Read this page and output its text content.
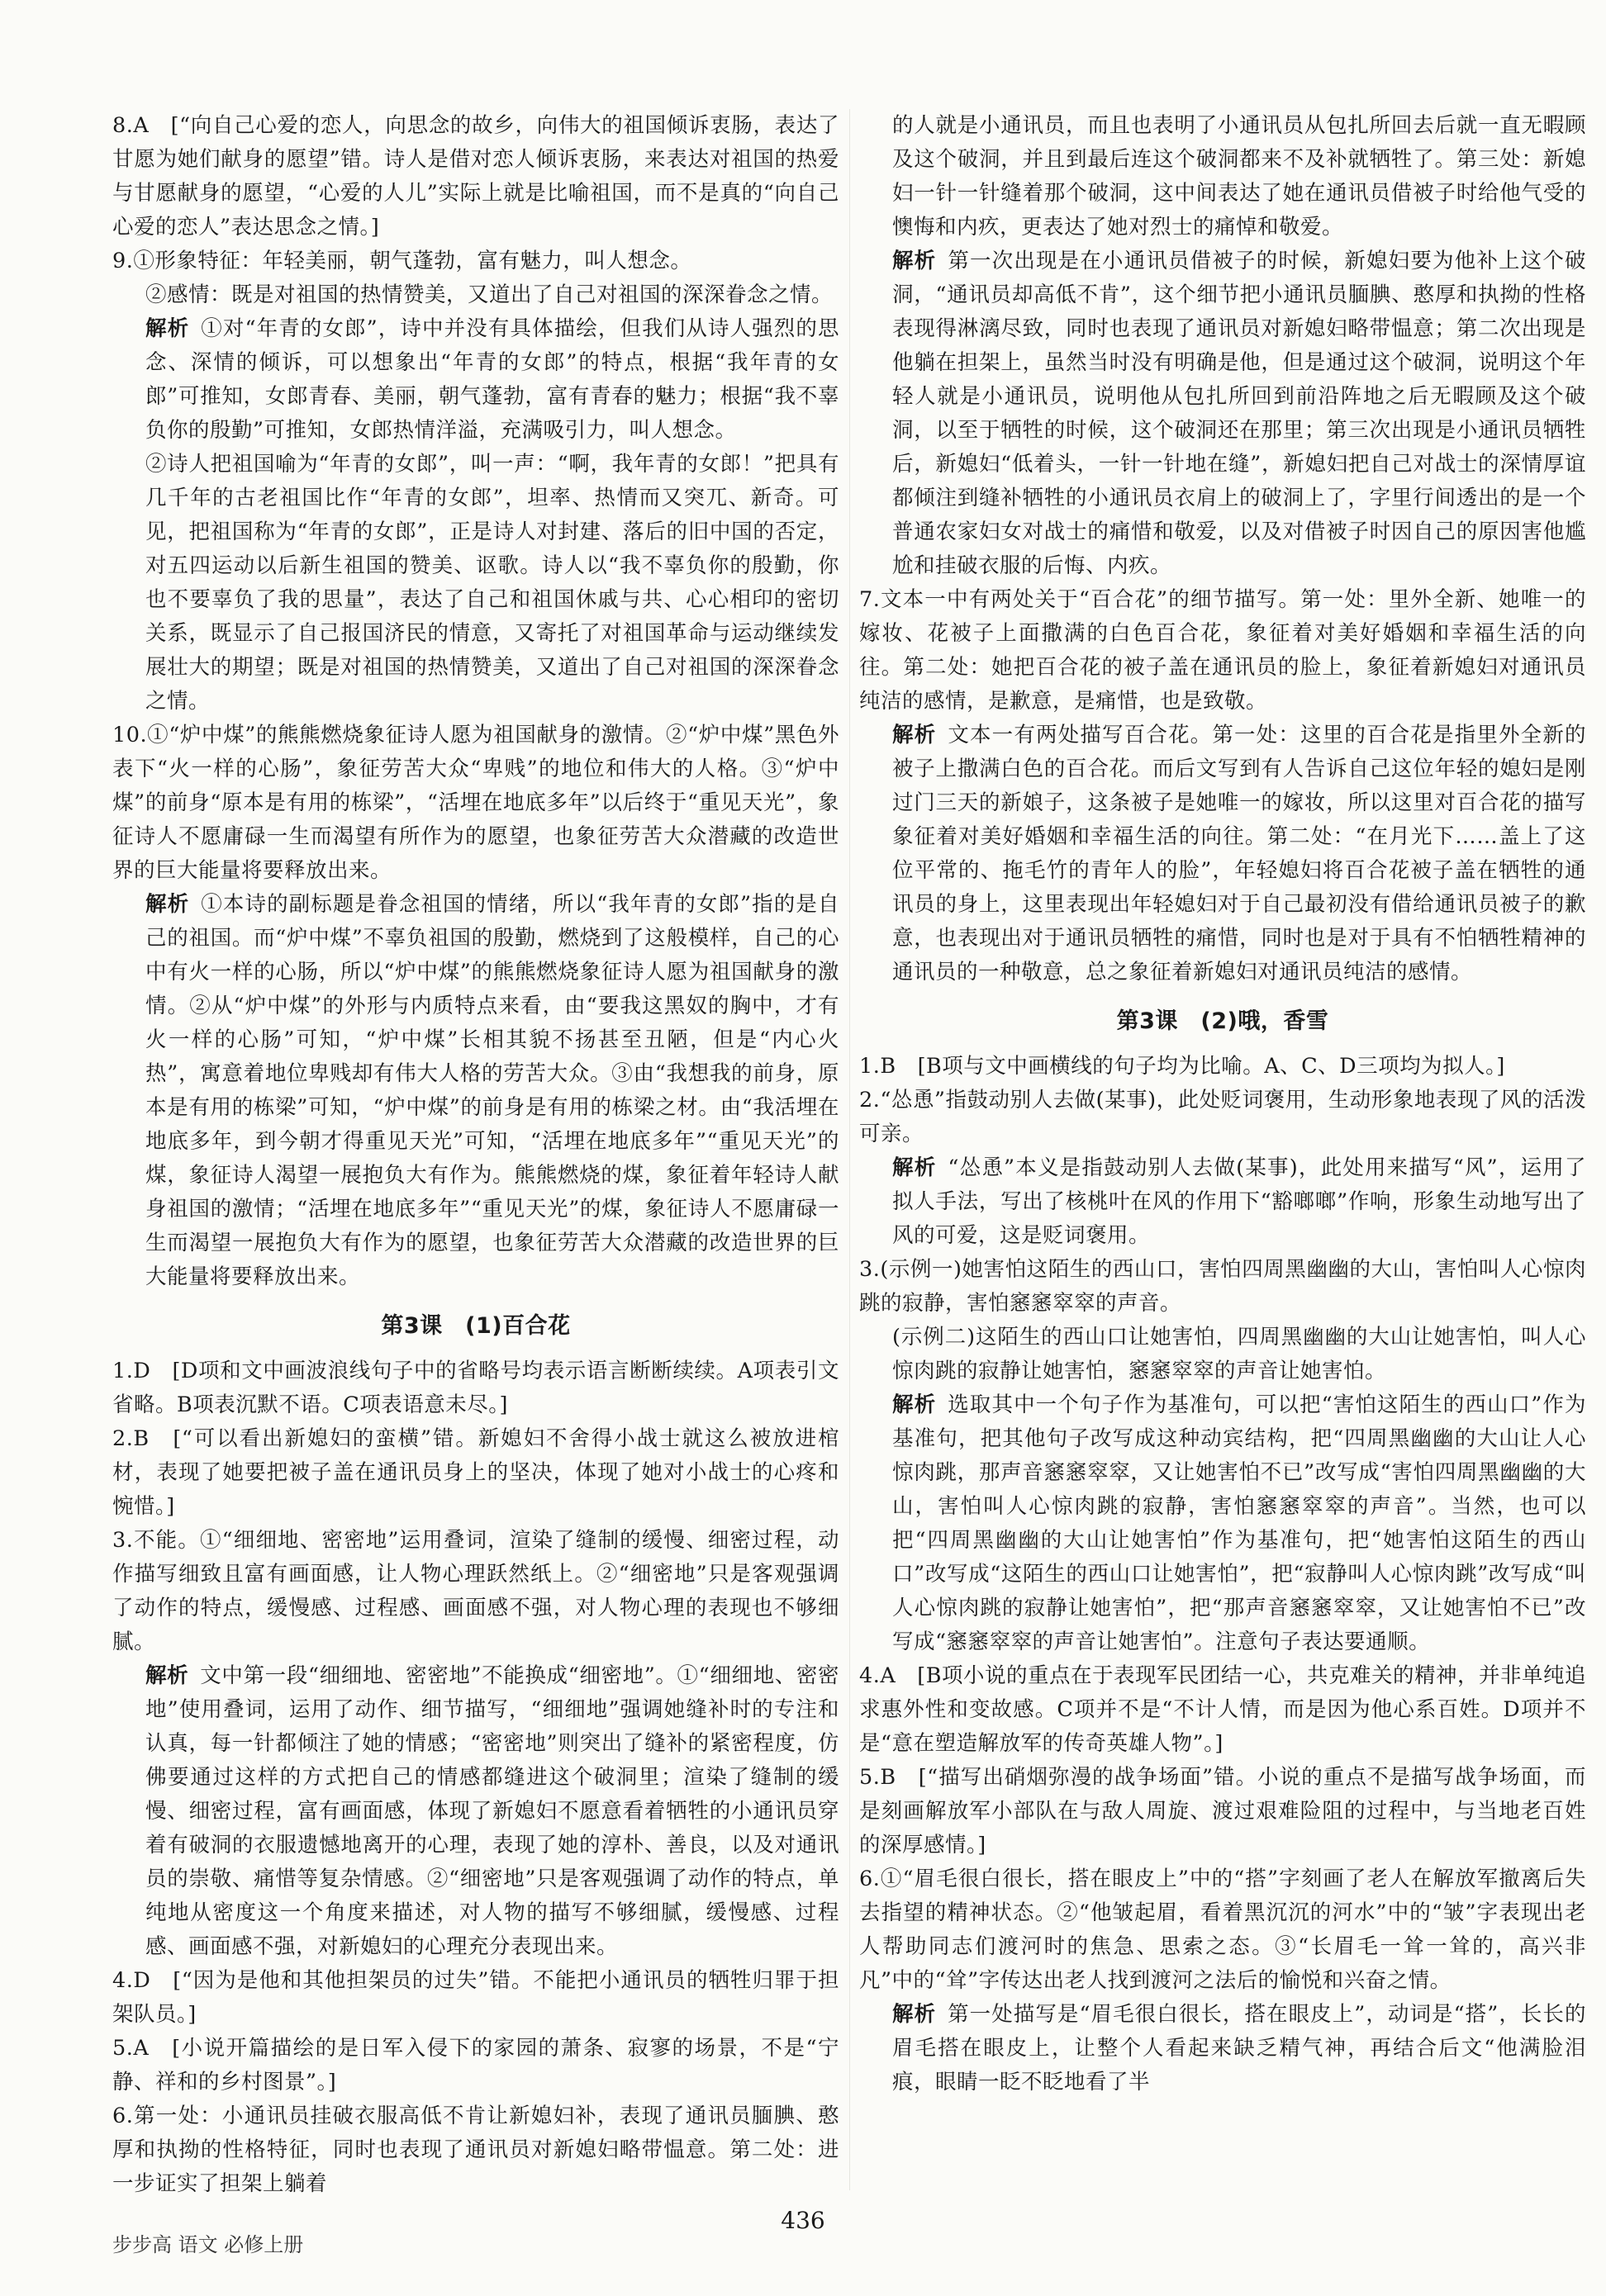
8.A　[“向自己心爱的恋人，向思念的故乡，向伟大的祖国倾诉衷肠，表达了甘愿为她们献身的愿望”错。诗人是借对恋人倾诉衷肠，来表达对祖国的热爱与甘愿献身的愿望，“心爱的人儿”实际上就是比喻祖国，而不是真的“向自己心爱的恋人”表达思念之情。]

9.①形象特征：年轻美丽，朝气蓬勃，富有魅力，叫人想念。

②感情：既是对祖国的热情赞美，又道出了自己对祖国的深深眷念之情。

解析 ①对“年青的女郎”，诗中并没有具体描绘，但我们从诗人强烈的思念、深情的倾诉，可以想象出“年青的女郎”的特点，根据“我年青的女郎”可推知，女郎青春、美丽，朝气蓬勃，富有青春的魅力；根据“我不辜负你的殷勤”可推知，女郎热情洋溢，充满吸引力，叫人想念。

②诗人把祖国喻为“年青的女郎”，叫一声：“啊，我年青的女郎！”把具有几千年的古老祖国比作“年青的女郎”，坦率、热情而又突兀、新奇。可见，把祖国称为“年青的女郎”，正是诗人对封建、落后的旧中国的否定，对五四运动以后新生祖国的赞美、讴歌。诗人以“我不辜负你的殷勤，你也不要辜负了我的思量”，表达了自己和祖国休戚与共、心心相印的密切关系，既显示了自己报国济民的情意，又寄托了对祖国革命与运动继续发展壮大的期望；既是对祖国的热情赞美，又道出了自己对祖国的深深眷念之情。

10.①“炉中煤”的熊熊燃烧象征诗人愿为祖国献身的激情。②“炉中煤”黑色外表下“火一样的心肠”，象征劳苦大众“卑贱”的地位和伟大的人格。③“炉中煤”的前身“原本是有用的栋梁”，“活埋在地底多年”以后终于“重见天光”，象征诗人不愿庸碌一生而渴望有所作为的愿望，也象征劳苦大众潜藏的改造世界的巨大能量将要释放出来。

解析 ①本诗的副标题是眷念祖国的情绪，所以“我年青的女郎”指的是自己的祖国。而“炉中煤”不辜负祖国的殷勤，燃烧到了这般模样，自己的心中有火一样的心肠，所以“炉中煤”的熊熊燃烧象征诗人愿为祖国献身的激情。②从“炉中煤”的外形与内质特点来看，由“要我这黑奴的胸中，才有火一样的心肠”可知，“炉中煤”长相其貌不扬甚至丑陋，但是“内心火热”，寓意着地位卑贱却有伟大人格的劳苦大众。③由“我想我的前身，原本是有用的栋梁”可知，“炉中煤”的前身是有用的栋梁之材。由“我活埋在地底多年，到今朝才得重见天光”可知，“活埋在地底多年”“重见天光”的煤，象征诗人渴望一展抱负大有作为。熊熊燃烧的煤，象征着年轻诗人献身祖国的激情；“活埋在地底多年”“重见天光”的煤，象征诗人不愿庸碌一生而渴望一展抱负大有作为的愿望，也象征劳苦大众潜藏的改造世界的巨大能量将要释放出来。

第3课　(1)百合花

1.D　[D项和文中画波浪线句子中的省略号均表示语言断断续续。A项表引文省略。B项表沉默不语。C项表语意未尽。]

2.B　[“可以看出新媳妇的蛮横”错。新媳妇不舍得小战士就这么被放进棺材，表现了她要把被子盖在通讯员身上的坚决，体现了她对小战士的心疼和惋惜。]

3.不能。①“细细地、密密地”运用叠词，渲染了缝制的缓慢、细密过程，动作描写细致且富有画面感，让人物心理跃然纸上。②“细密地”只是客观强调了动作的特点，缓慢感、过程感、画面感不强，对人物心理的表现也不够细腻。

解析 文中第一段“细细地、密密地”不能换成“细密地”。①“细细地、密密地”使用叠词，运用了动作、细节描写，“细细地”强调她缝补时的专注和认真，每一针都倾注了她的情感；“密密地”则突出了缝补的紧密程度，仿佛要通过这样的方式把自己的情感都缝进这个破洞里；渲染了缝制的缓慢、细密过程，富有画面感，体现了新媳妇不愿意看着牺牲的小通讯员穿着有破洞的衣服遗憾地离开的心理，表现了她的淳朴、善良，以及对通讯员的崇敬、痛惜等复杂情感。②“细密地”只是客观强调了动作的特点，单纯地从密度这一个角度来描述，对人物的描写不够细腻，缓慢感、过程感、画面感不强，对新媳妇的心理充分表现出来。

4.D　[“因为是他和其他担架员的过失”错。不能把小通讯员的牺牲归罪于担架队员。]

5.A　[小说开篇描绘的是日军入侵下的家园的萧条、寂寥的场景，不是“宁静、祥和的乡村图景”。]

6.第一处：小通讯员挂破衣服高低不肯让新媳妇补，表现了通讯员腼腆、憨厚和执拗的性格特征，同时也表现了通讯员对新媳妇略带愠意。第二处：进一步证实了担架上躺着

的人就是小通讯员，而且也表明了小通讯员从包扎所回去后就一直无暇顾及这个破洞，并且到最后连这个破洞都来不及补就牺牲了。第三处：新媳妇一针一针缝着那个破洞，这中间表达了她在通讯员借被子时给他气受的懊悔和内疚，更表达了她对烈士的痛悼和敬爱。

解析 第一次出现是在小通讯员借被子的时候，新媳妇要为他补上这个破洞，“通讯员却高低不肯”，这个细节把小通讯员腼腆、憨厚和执拗的性格表现得淋漓尽致，同时也表现了通讯员对新媳妇略带愠意；第二次出现是他躺在担架上，虽然当时没有明确是他，但是通过这个破洞，说明这个年轻人就是小通讯员，说明他从包扎所回到前沿阵地之后无暇顾及这个破洞，以至于牺牲的时候，这个破洞还在那里；第三次出现是小通讯员牺牲后，新媳妇“低着头，一针一针地在缝”，新媳妇把自己对战士的深情厚谊都倾注到缝补牺牲的小通讯员衣肩上的破洞上了，字里行间透出的是一个普通农家妇女对战士的痛惜和敬爱，以及对借被子时因自己的原因害他尴尬和挂破衣服的后悔、内疚。

7.文本一中有两处关于“百合花”的细节描写。第一处：里外全新、她唯一的嫁妆、花被子上面撒满的白色百合花，象征着对美好婚姻和幸福生活的向往。第二处：她把百合花的被子盖在通讯员的脸上，象征着新媳妇对通讯员纯洁的感情，是歉意，是痛惜，也是致敬。

解析 文本一有两处描写百合花。第一处：这里的百合花是指里外全新的被子上撒满白色的百合花。而后文写到有人告诉自己这位年轻的媳妇是刚过门三天的新娘子，这条被子是她唯一的嫁妆，所以这里对百合花的描写象征着对美好婚姻和幸福生活的向往。第二处：“在月光下……盖上了这位平常的、拖毛竹的青年人的脸”，年轻媳妇将百合花被子盖在牺牲的通讯员的身上，这里表现出年轻媳妇对于自己最初没有借给通讯员被子的歉意，也表现出对于通讯员牺牲的痛惜，同时也是对于具有不怕牺牲精神的通讯员的一种敬意，总之象征着新媳妇对通讯员纯洁的感情。

第3课　(2)哦，香雪

1.B　[B项与文中画横线的句子均为比喻。A、C、D三项均为拟人。]

2.“怂恿”指鼓动别人去做(某事)，此处贬词褒用，生动形象地表现了风的活泼可亲。

解析 “怂恿”本义是指鼓动别人去做(某事)，此处用来描写“风”，运用了拟人手法，写出了核桃叶在风的作用下“豁啷啷”作响，形象生动地写出了风的可爱，这是贬词褒用。

3.(示例一)她害怕这陌生的西山口，害怕四周黑幽幽的大山，害怕叫人心惊肉跳的寂静，害怕窸窸窣窣的声音。

(示例二)这陌生的西山口让她害怕，四周黑幽幽的大山让她害怕，叫人心惊肉跳的寂静让她害怕，窸窸窣窣的声音让她害怕。

解析 选取其中一个句子作为基准句，可以把“害怕这陌生的西山口”作为基准句，把其他句子改写成这种动宾结构，把“四周黑幽幽的大山让人心惊肉跳，那声音窸窸窣窣，又让她害怕不已”改写成“害怕四周黑幽幽的大山，害怕叫人心惊肉跳的寂静，害怕窸窸窣窣的声音”。当然，也可以把“四周黑幽幽的大山让她害怕”作为基准句，把“她害怕这陌生的西山口”改写成“这陌生的西山口让她害怕”，把“寂静叫人心惊肉跳”改写成“叫人心惊肉跳的寂静让她害怕”，把“那声音窸窸窣窣，又让她害怕不已”改写成“窸窸窣窣的声音让她害怕”。注意句子表达要通顺。

4.A　[B项小说的重点在于表现军民团结一心，共克难关的精神，并非单纯追求惠外性和变故感。C项并不是“不计人情，而是因为他心系百姓。D项并不是“意在塑造解放军的传奇英雄人物”。]

5.B　[“描写出硝烟弥漫的战争场面”错。小说的重点不是描写战争场面，而是刻画解放军小部队在与敌人周旋、渡过艰难险阻的过程中，与当地老百姓的深厚感情。]

6.①“眉毛很白很长，搭在眼皮上”中的“搭”字刻画了老人在解放军撤离后失去指望的精神状态。②“他皱起眉，看着黑沉沉的河水”中的“皱”字表现出老人帮助同志们渡河时的焦急、思索之态。③“长眉毛一耸一耸的，高兴非凡”中的“耸”字传达出老人找到渡河之法后的愉悦和兴奋之情。

解析 第一处描写是“眉毛很白很长，搭在眼皮上”，动词是“搭”，长长的眉毛搭在眼皮上，让整个人看起来缺乏精气神，再结合后文“他满脸泪痕，眼睛一眨不眨地看了半

436
步步高 语文 必修上册
